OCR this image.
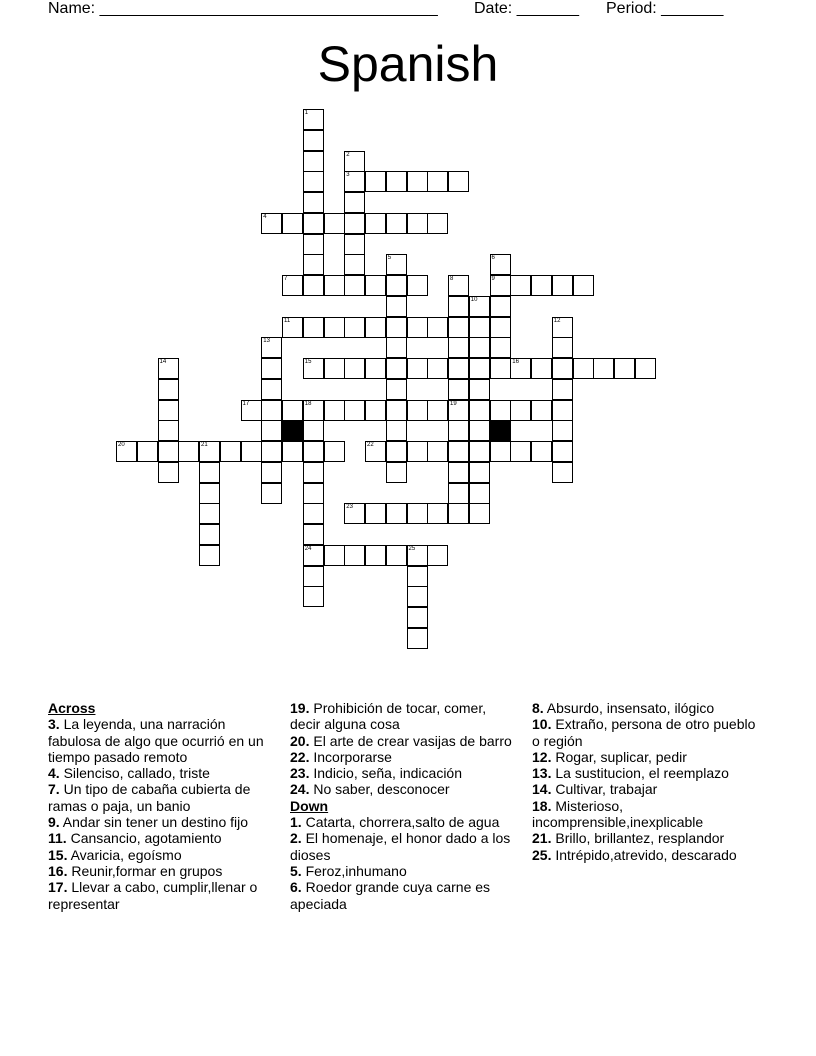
Name: ______________________________________ Date: _______ Period: _______
Spanish
1
2
3
4
5	6
9
7	8
19
10
11	12
13
14	15	16
17	18
24
20	21	22
23
25
Across
3. La leyenda, una narración fabulosa de algo que ocurrió en un tiempo pasado remoto
4. Silenciso, callado, triste
7. Un tipo de cabaña cubierta de ramas o paja, un banio
9. Andar sin tener un destino fijo
11. Cansancio, agotamiento
15. Avaricia, egoísmo
16. Reunir,formar en grupos
17. Llevar a cabo, cumplir,llenar o representar
19. Prohibición de tocar, comer, decir alguna cosa
20. El arte de crear vasijas de barro
22. Incorporarse
23. Indicio, seña, indicación
24. No saber, desconocer
Down
1. Catarta, chorrera,salto de agua
2. El homenaje, el honor dado a los dioses
5. Feroz,inhumano
6. Roedor grande cuya carne es apeciada
8. Absurdo, insensato, ilógico
10. Extraño, persona de otro pueblo o región
12. Rogar, suplicar, pedir
13. La sustitucion, el reemplazo
14. Cultivar, trabajar
18. Misterioso, incomprensible,inexplicable
21. Brillo, brillantez, resplandor
25. Intrépido,atrevido, descarado
